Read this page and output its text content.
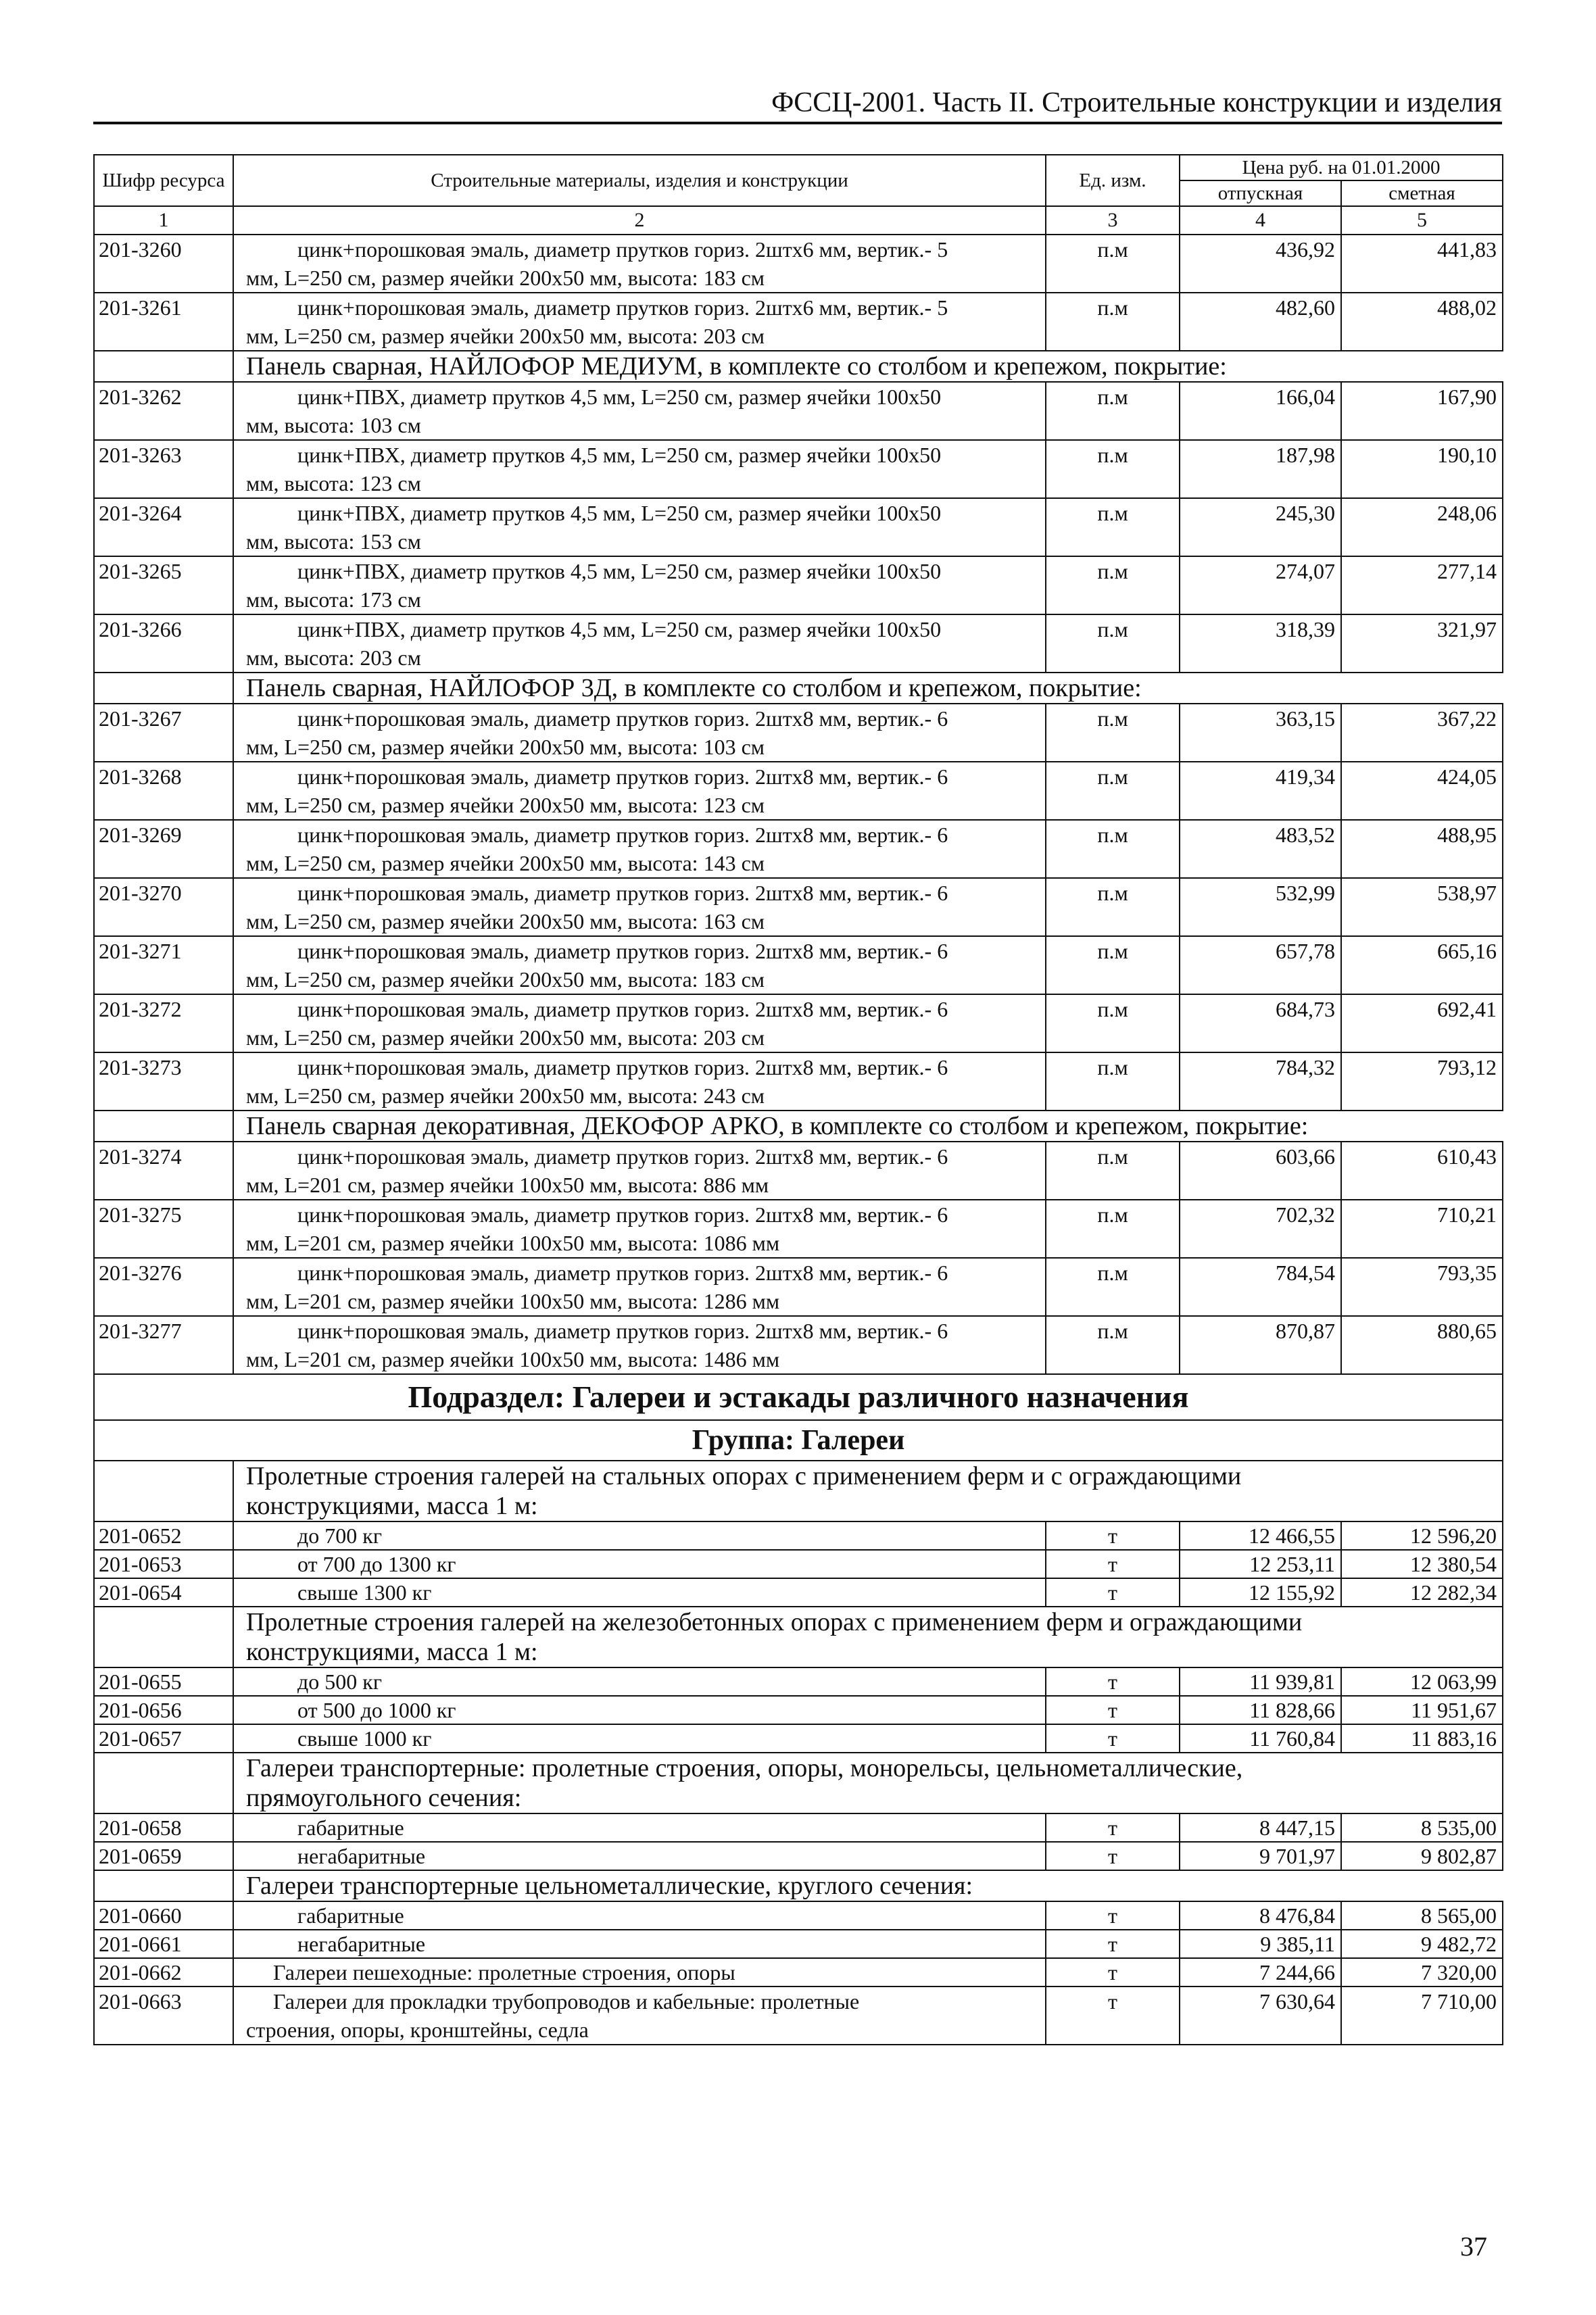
ФССЦ-2001. Часть II. Строительные конструкции и изделия
Шифр ресурса	Строительные материалы, изделия и конструкции	Ед. изм.	Цена руб. на 01.01.2000	
			отпускная	сметная
1	2	3	4	5
201-3260	цинк+порошковая эмаль, диаметр прутков гориз. 2штх6 мм, вертик.- 5
мм, L=250 см, размер ячейки 200х50 мм, высота: 183 см	п.м	436,92	441,83
201-3261	цинк+порошковая эмаль, диаметр прутков гориз. 2штх6 мм, вертик.- 5
мм, L=250 см, размер ячейки 200х50 мм, высота: 203 см	п.м	482,60	488,02
	Панель сварная, НАЙЛОФОР МЕДИУМ, в комплекте со столбом и крепежом, покрытие:			
201-3262	цинк+ПВХ, диаметр прутков 4,5 мм, L=250 см, размер ячейки 100х50
мм, высота: 103 см	п.м	166,04	167,90
201-3263	цинк+ПВХ, диаметр прутков 4,5 мм, L=250 см, размер ячейки 100х50
мм, высота: 123 см	п.м	187,98	190,10
201-3264	цинк+ПВХ, диаметр прутков 4,5 мм, L=250 см, размер ячейки 100х50
мм, высота: 153 см	п.м	245,30	248,06
201-3265	цинк+ПВХ, диаметр прутков 4,5 мм, L=250 см, размер ячейки 100х50
мм, высота: 173 см	п.м	274,07	277,14
201-3266	цинк+ПВХ, диаметр прутков 4,5 мм, L=250 см, размер ячейки 100х50
мм, высота: 203 см	п.м	318,39	321,97
	Панель сварная, НАЙЛОФОР 3Д, в комплекте со столбом и крепежом, покрытие:			
201-3267	цинк+порошковая эмаль, диаметр прутков гориз. 2штх8 мм, вертик.- 6
мм, L=250 см, размер ячейки 200х50 мм, высота: 103 см	п.м	363,15	367,22
201-3268	цинк+порошковая эмаль, диаметр прутков гориз. 2штх8 мм, вертик.- 6
мм, L=250 см, размер ячейки 200х50 мм, высота: 123 см	п.м	419,34	424,05
201-3269	цинк+порошковая эмаль, диаметр прутков гориз. 2штх8 мм, вертик.- 6
мм, L=250 см, размер ячейки 200х50 мм, высота: 143 см	п.м	483,52	488,95
201-3270	цинк+порошковая эмаль, диаметр прутков гориз. 2штх8 мм, вертик.- 6
мм, L=250 см, размер ячейки 200х50 мм, высота: 163 см	п.м	532,99	538,97
201-3271	цинк+порошковая эмаль, диаметр прутков гориз. 2штх8 мм, вертик.- 6
мм, L=250 см, размер ячейки 200х50 мм, высота: 183 см	п.м	657,78	665,16
201-3272	цинк+порошковая эмаль, диаметр прутков гориз. 2штх8 мм, вертик.- 6
мм, L=250 см, размер ячейки 200х50 мм, высота: 203 см	п.м	684,73	692,41
201-3273	цинк+порошковая эмаль, диаметр прутков гориз. 2штх8 мм, вертик.- 6
мм, L=250 см, размер ячейки 200х50 мм, высота: 243 см	п.м	784,32	793,12
	Панель сварная декоративная, ДЕКОФОР АРКО, в комплекте со столбом и крепежом, покрытие:			
201-3274	цинк+порошковая эмаль, диаметр прутков гориз. 2штх8 мм, вертик.- 6
мм, L=201 см, размер ячейки 100х50 мм, высота: 886 мм	п.м	603,66	610,43
201-3275	цинк+порошковая эмаль, диаметр прутков гориз. 2штх8 мм, вертик.- 6
мм, L=201 см, размер ячейки 100х50 мм, высота: 1086 мм	п.м	702,32	710,21
201-3276	цинк+порошковая эмаль, диаметр прутков гориз. 2штх8 мм, вертик.- 6
мм, L=201 см, размер ячейки 100х50 мм, высота: 1286 мм	п.м	784,54	793,35
201-3277	цинк+порошковая эмаль, диаметр прутков гориз. 2штх8 мм, вертик.- 6
мм, L=201 см, размер ячейки 100х50 мм, высота: 1486 мм	п.м	870,87	880,65
Подраздел: Галереи и эстакады различного назначения				
Группа: Галереи				

	Пролетные строения галерей на стальных опорах с применением ферм и с ограждающими
конструкциями, масса 1 м:			

201-0652	до 700 кг	т	12 466,55	12 596,20
201-0653	от 700 до 1300 кг	т	12 253,11	12 380,54
201-0654	свыше 1300 кг	т	12 155,92	12 282,34

	Пролетные строения галерей на железобетонных опорах с применением ферм и ограждающими
конструкциями, масса 1 м:			

201-0655	до 500 кг	т	11 939,81	12 063,99
201-0656	от 500 до 1000 кг	т	11 828,66	11 951,67
201-0657	свыше 1000 кг	т	11 760,84	11 883,16

	Галереи транспортерные: пролетные строения, опоры, монорельсы, цельнометаллические,
прямоугольного сечения:			

201-0658	габаритные	т	8 447,15	8 535,00
201-0659	негабаритные	т	9 701,97	9 802,87
	Галереи транспортерные цельнометаллические, круглого сечения:			
201-0660	габаритные	т	8 476,84	8 565,00
201-0661	негабаритные	т	9 385,11	9 482,72
201-0662	Галереи пешеходные: пролетные строения, опоры	т	7 244,66	7 320,00
201-0663	Галереи для прокладки трубопроводов и кабельные: пролетные
строения, опоры, кронштейны, седла	т	7 630,64	7 710,00
37
